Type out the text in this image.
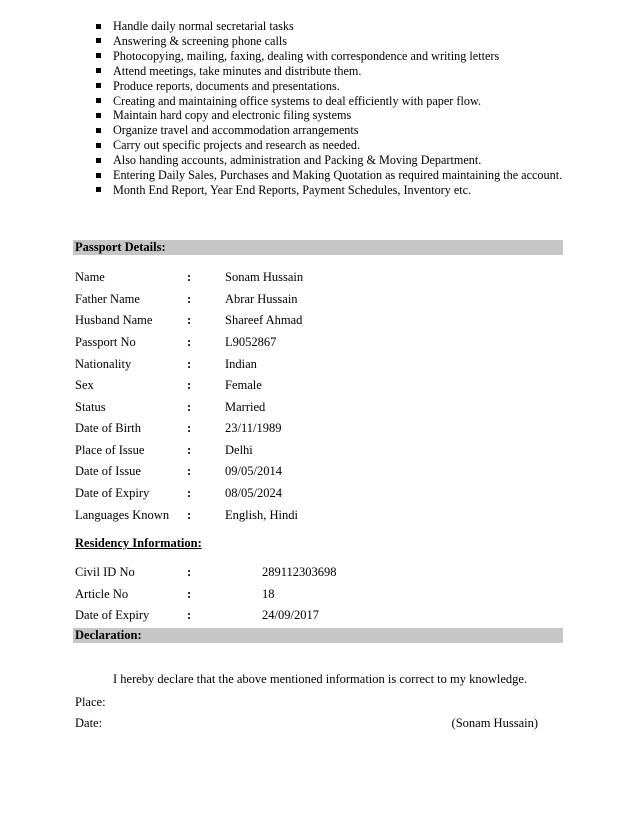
Handle daily normal secretarial tasks
Answering & screening phone calls
Photocopying, mailing, faxing, dealing with correspondence and writing letters
Attend meetings, take minutes and distribute them.
Produce reports, documents and presentations.
Creating and maintaining office systems to deal efficiently with paper flow.
Maintain hard copy and electronic filing systems
Organize travel and accommodation arrangements
Carry out specific projects and research as needed.
Also handing accounts, administration and Packing & Moving Department.
Entering Daily Sales, Purchases and Making Quotation as required maintaining the account.
Month End Report, Year End Reports, Payment Schedules, Inventory etc.
Passport Details:
Name	:	Sonam Hussain
Father Name	:	Abrar Hussain
Husband Name	:	Shareef Ahmad
Passport No	:	L9052867
Nationality	:	Indian
Sex	:	Female
Status	:	Married
Date of Birth	:	23/11/1989
Place of Issue	:	Delhi
Date of Issue	:	09/05/2014
Date of Expiry	:	08/05/2024
Languages Known :	English, Hindi
Residency Information:
Civil ID No	:	289112303698
Article No	:	18
Date of Expiry	:	24/09/2017
Declaration:
I hereby declare that the above mentioned information is correct to my knowledge.
Place:
Date:	(Sonam Hussain)
